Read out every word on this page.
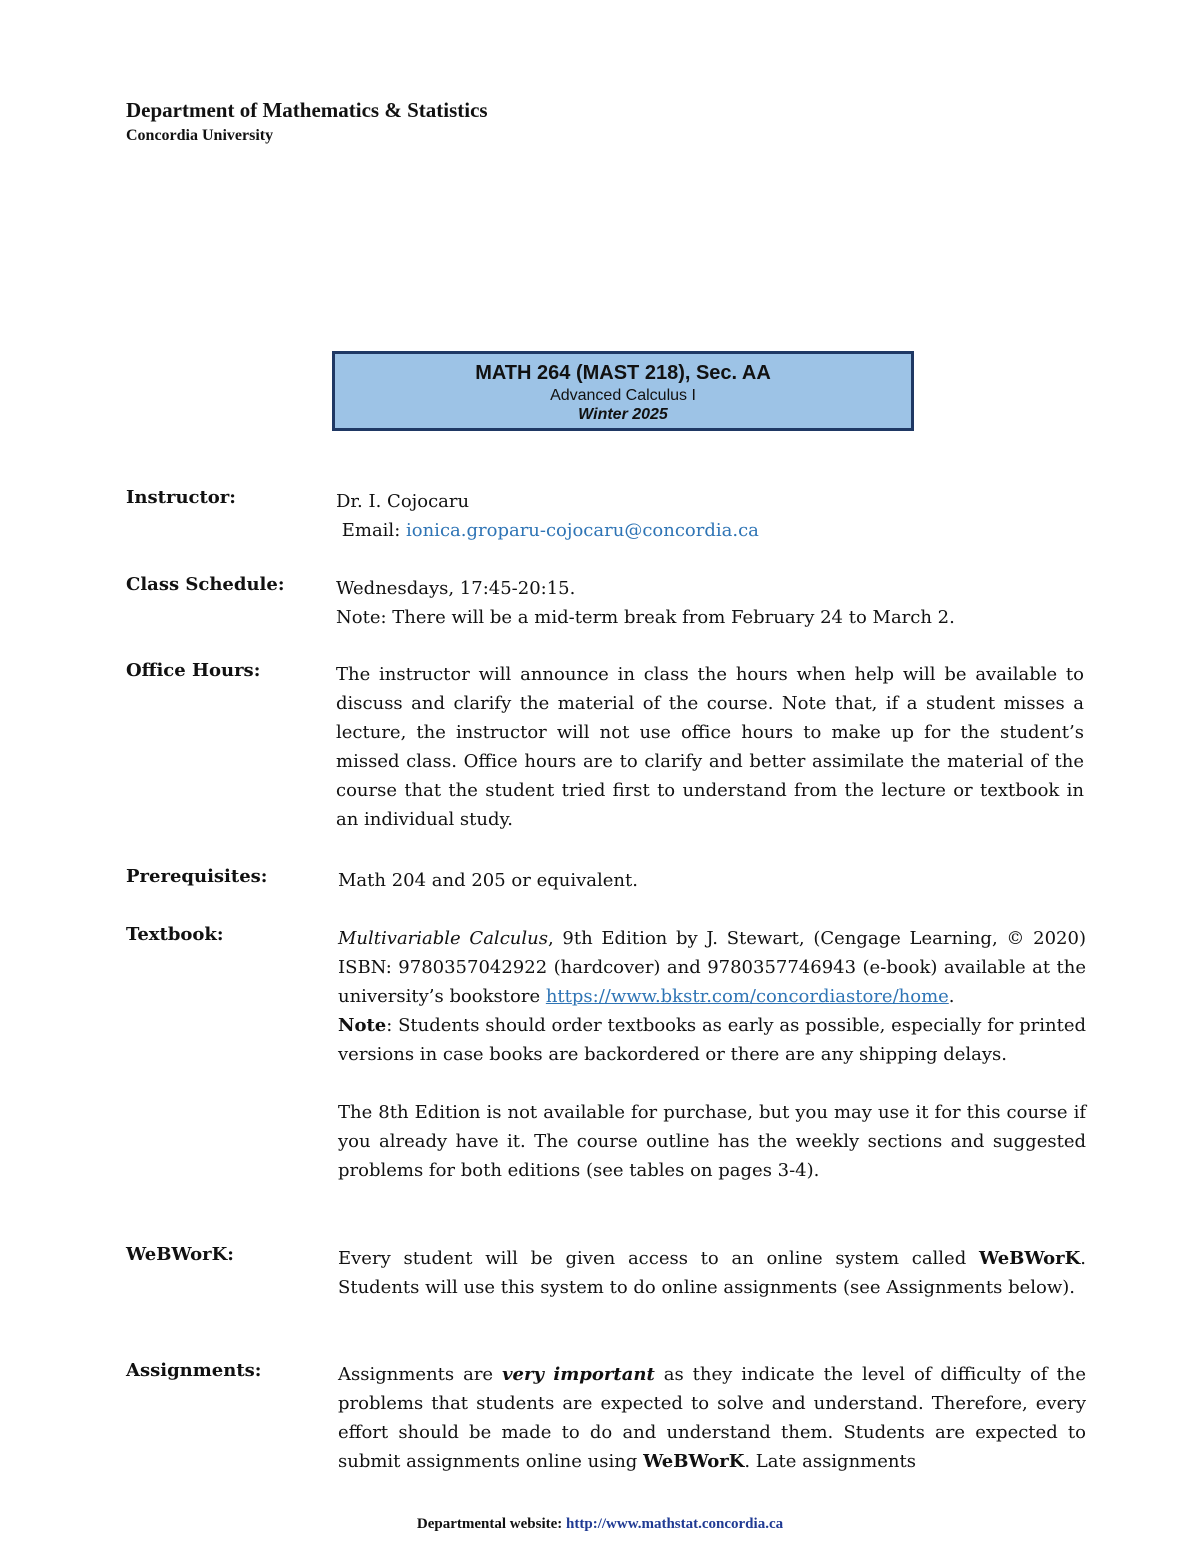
Department of Mathematics & Statistics
Concordia University
MATH 264 (MAST 218), Sec. AA
Advanced Calculus I
Winter 2025
Instructor:	Dr. I. Cojocaru

Email: ionica.groparu-cojocaru@concordia.ca

Class Schedule:	Wednesdays, 17:45-20:15.

Note: There will be a mid-term break from February 24 to March 2.

Office Hours:	The instructor will announce in class the hours when help will be available to discuss and clarify the material of the course. Note that, if a student misses a lecture, the instructor will not use office hours to make up for the student’s missed class. Office hours are to clarify and better assimilate the material of the course that the student tried first to understand from the lecture or textbook in an individual study.

Prerequisites:	Math 204 and 205 or equivalent.

Textbook:	Multivariable Calculus, 9th Edition by J. Stewart, (Cengage Learning, © 2020) ISBN: 9780357042922 (hardcover) and 9780357746943 (e-book) available at the university’s bookstore https://www.bkstr.com/concordiastore/home.

Note: Students should order textbooks as early as possible, especially for printed versions in case books are backordered or there are any shipping delays.

The 8th Edition is not available for purchase, but you may use it for this course if you already have it. The course outline has the weekly sections and suggested problems for both editions (see tables on pages 3-4).

WeBWorK:	Every student will be given access to an online system called WeBWorK. Students will use this system to do online assignments (see Assignments below).

Assignments:	Assignments are very important as they indicate the level of difficulty of the problems that students are expected to solve and understand. Therefore, every effort should be made to do and understand them. Students are expected to submit assignments online using WeBWorK. Late assignments

Departmental website: http://www.mathstat.concordia.ca
